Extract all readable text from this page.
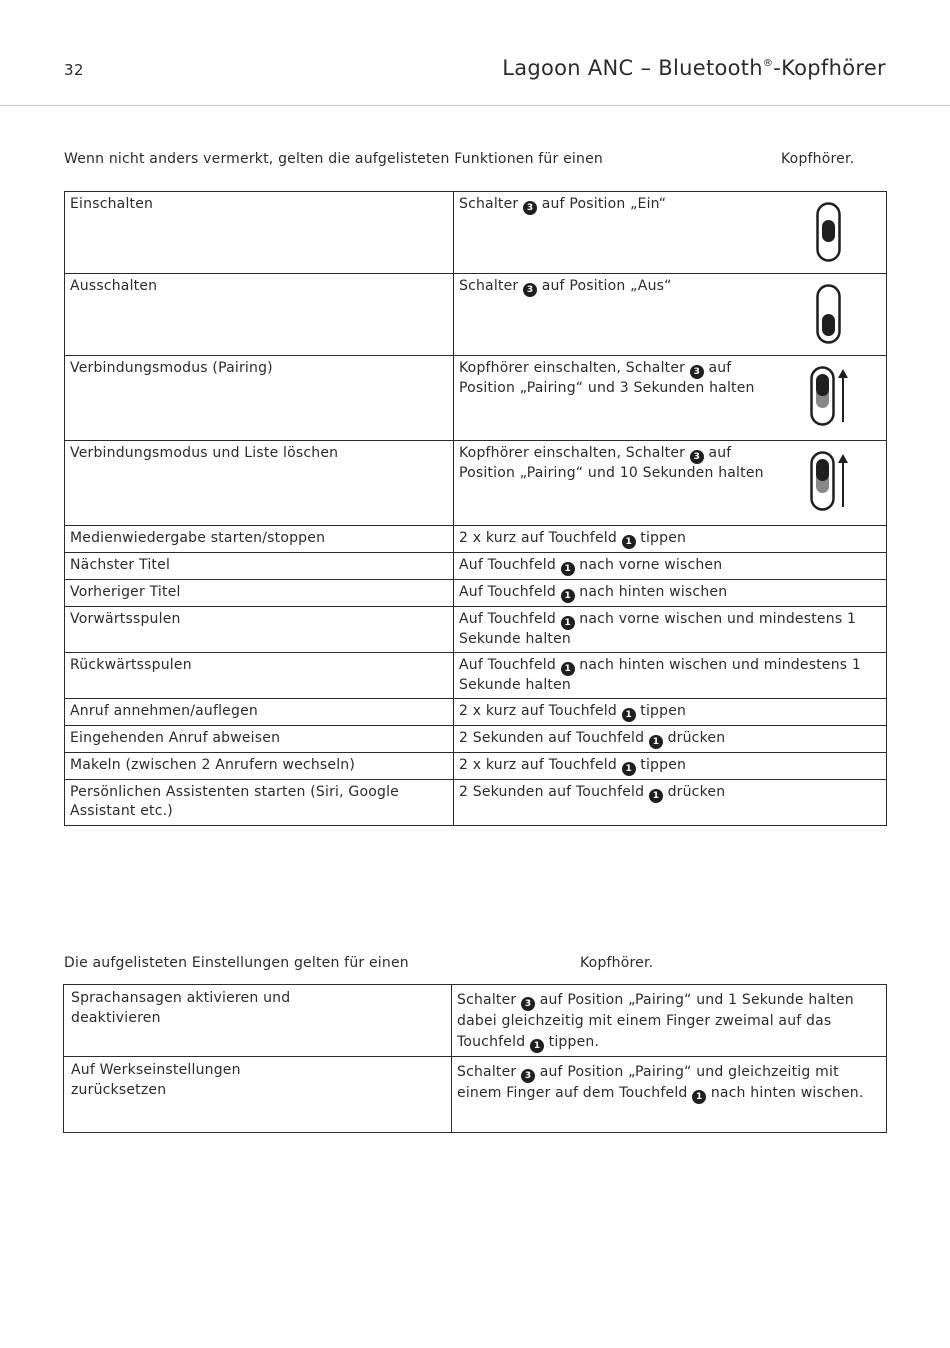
32	Lagoon ANC – Bluetooth®-Kopfhörer
Wenn nicht anders vermerkt, gelten die aufgelisteten Funktionen für einen	Kopfhörer.
Einschalten	Schalter 3 auf Position „Ein“

Ausschalten	Schalter 3 auf Position „Aus“

Verbindungsmodus (Pairing)	Kopfhörer einschalten, Schalter 3 auf Position „Pairing“ und 3 Sekunden halten

Verbindungsmodus und Liste löschen	Kopfhörer einschalten, Schalter 3 auf Position „Pairing“ und 10 Sekunden halten

Medienwiedergabe starten/stoppen	2 x kurz auf Touchfeld 1 tippen

Nächster Titel	Auf Touchfeld 1 nach vorne wischen

Vorheriger Titel	Auf Touchfeld 1 nach hinten wischen

Vorwärtsspulen	Auf Touchfeld 1 nach vorne wischen und mindestens 1 Sekunde halten

Rückwärtsspulen	Auf Touchfeld 1 nach hinten wischen und mindestens 1 Sekunde halten

Anruf annehmen/auflegen	2 x kurz auf Touchfeld 1 tippen

Eingehenden Anruf abweisen	2 Sekunden auf Touchfeld 1 drücken

Makeln (zwischen 2 Anrufern wechseln)	2 x kurz auf Touchfeld 1 tippen

Persönlichen Assistenten starten (Siri, Google Assistant etc.)	2 Sekunden auf Touchfeld 1 drücken
Die aufgelisteten Einstellungen gelten für einen	Kopfhörer.
Sprachansagen aktivieren und deaktivieren	Schalter 3 auf Position „Pairing“ und 1 Sekunde halten dabei gleichzeitig mit einem Finger zweimal auf das Touchfeld 1 tippen.

Auf Werkseinstellungen zurücksetzen	Schalter 3 auf Position „Pairing“ und gleichzeitig mit einem Finger auf dem Touchfeld 1 nach hinten wischen.
